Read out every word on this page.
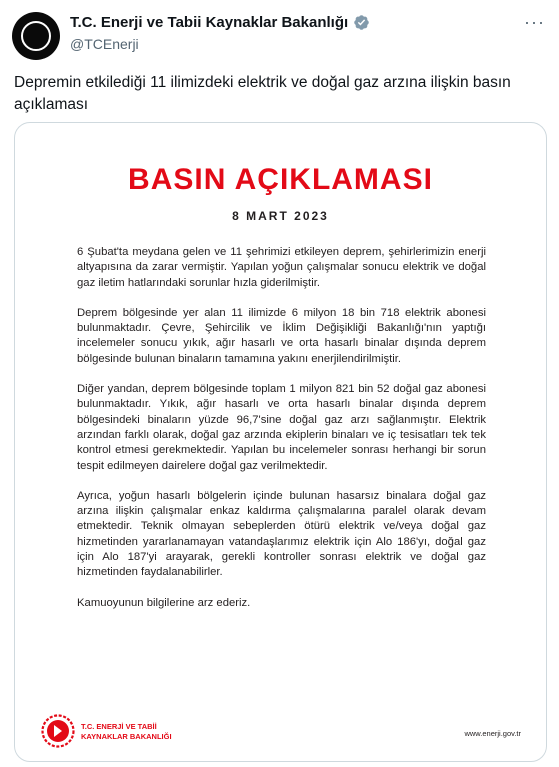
T.C. Enerji ve Tabii Kaynaklar Bakanlığı
@TCEnerji
···
Depremin etkilediği 11 ilimizdeki elektrik ve doğal gaz arzına ilişkin basın açıklaması
BASIN AÇIKLAMASI
8 MART 2023

6 Şubat'ta meydana gelen ve 11 şehrimizi etkileyen deprem, şehirlerimizin enerji altyapısına da zarar vermiştir. Yapılan yoğun çalışmalar sonucu elektrik ve doğal gaz iletim hatlarındaki sorunlar hızla giderilmiştir.

Deprem bölgesinde yer alan 11 ilimizde 6 milyon 18 bin 718 elektrik abonesi bulunmaktadır. Çevre, Şehircilik ve İklim Değişikliği Bakanlığı'nın yaptığı incelemeler sonucu yıkık, ağır hasarlı ve orta hasarlı binalar dışında deprem bölgesinde bulunan binaların tamamına yakını enerjilendirilmiştir.

Diğer yandan, deprem bölgesinde toplam 1 milyon 821 bin 52 doğal gaz abonesi bulunmaktadır. Yıkık, ağır hasarlı ve orta hasarlı binalar dışında deprem bölgesindeki binaların yüzde 96,7'sine doğal gaz arzı sağlanmıştır. Elektrik arzından farklı olarak, doğal gaz arzında ekiplerin binaları ve iç tesisatları tek tek kontrol etmesi gerekmektedir. Yapılan bu incelemeler sonrası herhangi bir sorun tespit edilmeyen dairelere doğal gaz verilmektedir.

Ayrıca, yoğun hasarlı bölgelerin içinde bulunan hasarsız binalara doğal gaz arzına ilişkin çalışmalar enkaz kaldırma çalışmalarına paralel olarak devam etmektedir. Teknik olmayan sebeplerden ötürü elektrik ve/veya doğal gaz hizmetinden yararlanamayan vatandaşlarımız elektrik için Alo 186'yı, doğal gaz için Alo 187'yi arayarak, gerekli kontroller sonrası elektrik ve doğal gaz hizmetinden faydalanabilirler.

Kamuoyunun bilgilerine arz ederiz.

T.C. ENERJİ VE TABİİ
KAYNAKLAR BAKANLIĞI	www.enerji.gov.tr
